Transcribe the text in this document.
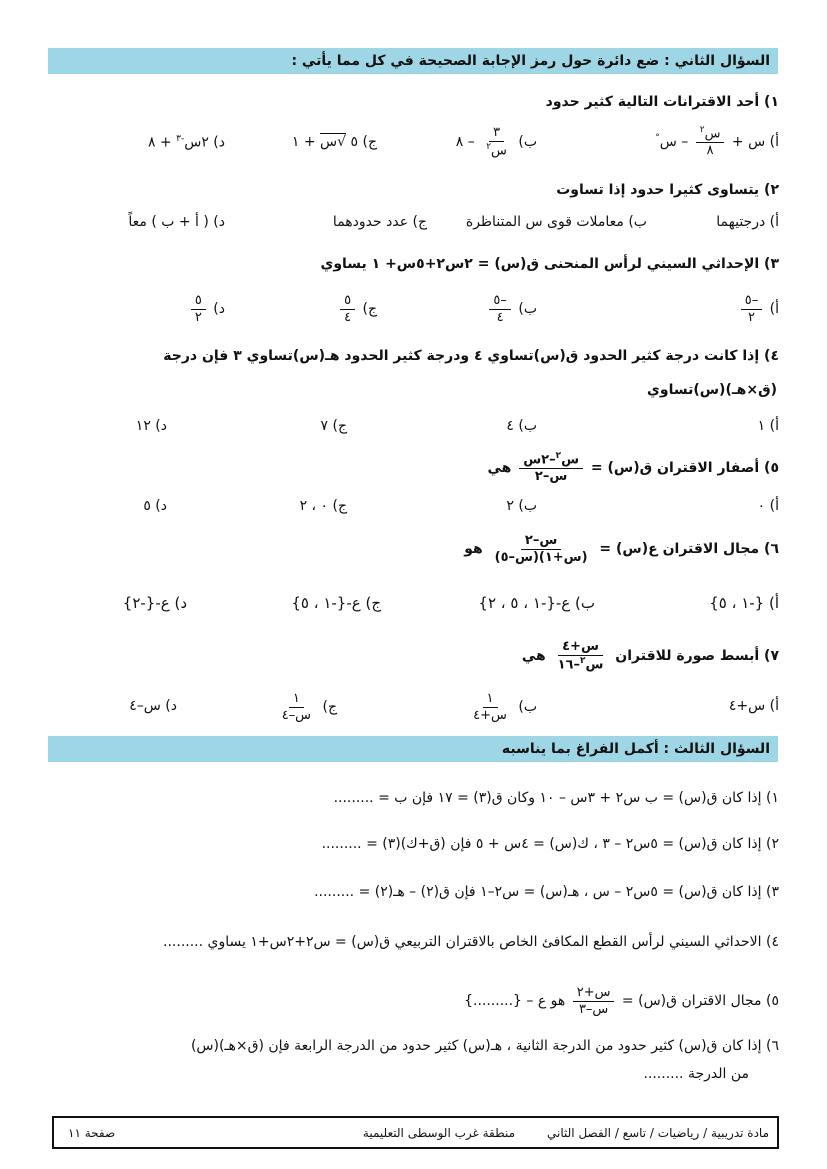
السؤال الثاني : ضع دائرة حول رمز الإجابة الصحيحة في كل مما يأتي :
١) أحد الاقترانات التالية كثير حدود
أ) س +
$\frac{س^٢}{٨}$
– س°
ب)
$\frac{٣}{س^٢}$
– ٨
ج) ٥ √س + ١
د) ٢س$^{-٣}$ + ٨
٢) يتساوى كثيرا حدود إذا تساوت
أ) درجتيهما
ب) معاملات قوى س المتناظرة
ج) عدد حدودهما
د) ( أ + ب ) معاً
٣) الإحداثي السيني لرأس المنحنى ق(س) = ٢س٢+٥س+ ١ يساوي
أ)
$\frac{-٥}{٢}$
ب)
$\frac{-٥}{٤}$
ج)
$\frac{٥}{٤}$
د)
$\frac{٥}{٢}$
٤) إذا كانت درجة كثير الحدود ق(س)تساوي ٤ ودرجة كثير الحدود هـ(س)تساوي ٣ فإن درجة
(ق×هـ)(س)تساوي
أ) ١
ب) ٤
ج) ٧
د) ١٢
٥) أصفار الاقتران ق(س) =
$\frac{س^٢-٢س}{\text{س–٢}}$
هي
أ) ٠
ب) ٢
ج) ٠ ، ٢
د) ٥
٦) مجال الاقتران ع(س) =
$\frac{\text{س–٢}}{\text{(س+١)(س–٥)}}$
هو
أ) {-١ ، ٥}
ب) ع-{-١ ، ٥ ، ٢}
ج) ع-{-١ ، ٥}
د) ع-{-٢}
٧) أبسط صورة للاقتران
$\frac{\text{س+٤}}{س^٢-١٦}$
هي
أ) س+٤
ب)
$\frac{١}{\text{س+٤}}$
ج)
$\frac{١}{\text{س–٤}}$
د) س–٤
السؤال الثالث : أكمل الفراغ بما يناسبه
١) إذا كان ق(س) = ب س٢ + ٣س – ١٠ وكان ق(٣) = ١٧ فإن ب = .........
٢) إذا كان ق(س) = ٥س٢ – ٣ ، ك(س) = ٤س + ٥ فإن (ق+ك)(٣) = .........
٣) إذا كان ق(س) = ٥س٢ – س ، هـ(س) = س٢–١ فإن ق(٢) – هـ(٢) = .........
٤) الاحداثي السيني لرأس القطع المكافئ الخاص بالاقتران التربيعي ق(س) = س٢+٢س+١ يساوي .........
٥) مجال الاقتران ق(س) =
$\frac{\text{س+٢}}{\text{س–٣}}$
هو ع – {.........}
٦) إذا كان ق(س) كثير حدود من الدرجة الثانية ، هـ(س) كثير حدود من الدرجة الرابعة فإن (ق×هـ)(س)
من الدرجة .........
مادة تدريبية / رياضيات / تاسع / الفصل الثاني
منطقة غرب الوسطى التعليمية
صفحة ١١
